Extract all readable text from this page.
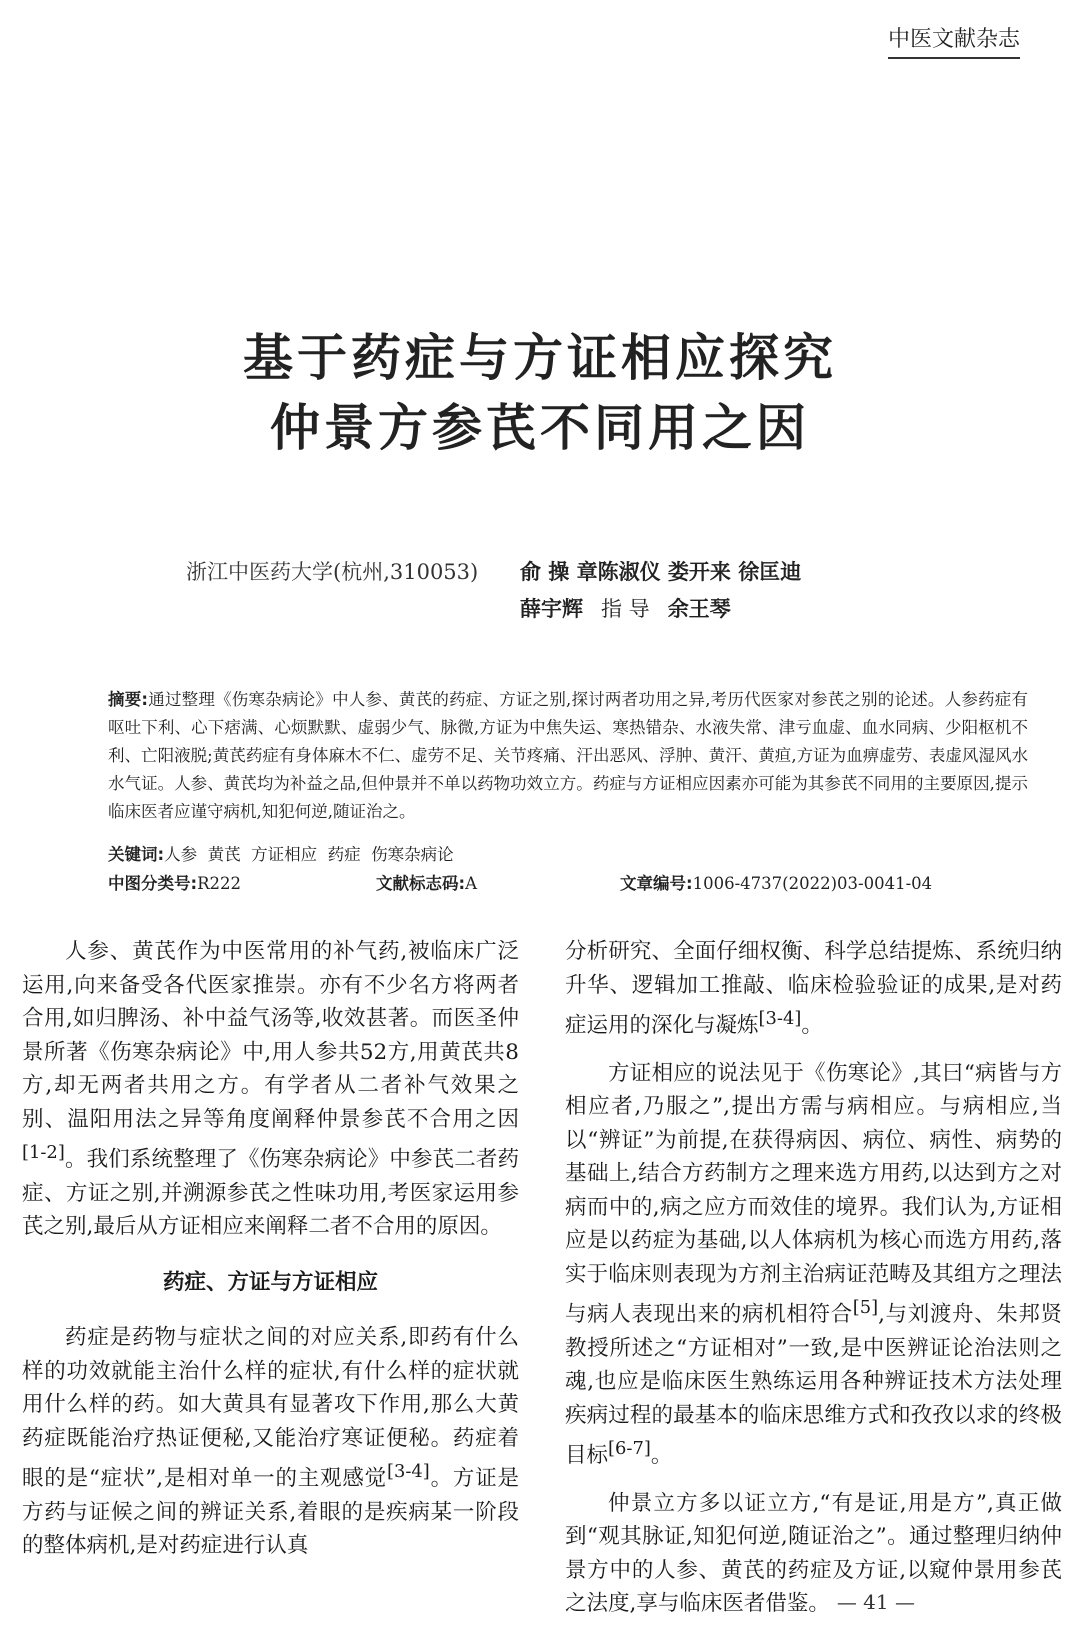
中医文献杂志
基于药症与方证相应探究
仲景方参芪不同用之因
浙江中医药大学(杭州,310053) 俞 操 章陈淑仪 娄开来 徐匡迪
薛宇辉 指 导 余王琴
摘要:通过整理《伤寒杂病论》中人参、黄芪的药症、方证之别,探讨两者功用之异,考历代医家对参芪之别的论述。人参药症有呕吐下利、心下痞满、心烦默默、虚弱少气、脉微,方证为中焦失运、寒热错杂、水液失常、津亏血虚、血水同病、少阳枢机不利、亡阳液脱;黄芪药症有身体麻木不仁、虚劳不足、关节疼痛、汗出恶风、浮肿、黄汗、黄疸,方证为血痹虚劳、表虚风湿风水水气证。人参、黄芪均为补益之品,但仲景并不单以药物功效立方。药症与方证相应因素亦可能为其参芪不同用的主要原因,提示临床医者应谨守病机,知犯何逆,随证治之。
关键词:人参  黄芪  方证相应  药症  伤寒杂病论
中图分类号:R222	文献标志码:A	文章编号:1006-4737(2022)03-0041-04

人参、黄芪作为中医常用的补气药,被临床广泛运用,向来备受各代医家推崇。亦有不少名方将两者合用,如归脾汤、补中益气汤等,收效甚著。而医圣仲景所著《伤寒杂病论》中,用人参共52方,用黄芪共8方,却无两者共用之方。有学者从二者补气效果之别、温阳用法之异等角度阐释仲景参芪不合用之因[1-2]。我们系统整理了《伤寒杂病论》中参芪二者药症、方证之别,并溯源参芪之性味功用,考医家运用参芪之别,最后从方证相应来阐释二者不合用的原因。

药症、方证与方证相应

药症是药物与症状之间的对应关系,即药有什么样的功效就能主治什么样的症状,有什么样的症状就用什么样的药。如大黄具有显著攻下作用,那么大黄药症既能治疗热证便秘,又能治疗寒证便秘。药症着眼的是“症状”,是相对单一的主观感觉[3-4]。方证是方药与证候之间的辨证关系,着眼的是疾病某一阶段的整体病机,是对药症进行认真

分析研究、全面仔细权衡、科学总结提炼、系统归纳升华、逻辑加工推敲、临床检验验证的成果,是对药症运用的深化与凝炼[3-4]。

方证相应的说法见于《伤寒论》,其曰“病皆与方相应者,乃服之”,提出方需与病相应。与病相应,当以“辨证”为前提,在获得病因、病位、病性、病势的基础上,结合方药制方之理来选方用药,以达到方之对病而中的,病之应方而效佳的境界。我们认为,方证相应是以药症为基础,以人体病机为核心而选方用药,落实于临床则表现为方剂主治病证范畴及其组方之理法与病人表现出来的病机相符合[5],与刘渡舟、朱邦贤教授所述之“方证相对”一致,是中医辨证论治法则之魂,也应是临床医生熟练运用各种辨证技术方法处理疾病过程的最基本的临床思维方式和孜孜以求的终极目标[6-7]。

仲景立方多以证立方,“有是证,用是方”,真正做到“观其脉证,知犯何逆,随证治之”。通过整理归纳仲景方中的人参、黄芪的药症及方证,以窥仲景用参芪之法度,享与临床医者借鉴。 — 41 —
